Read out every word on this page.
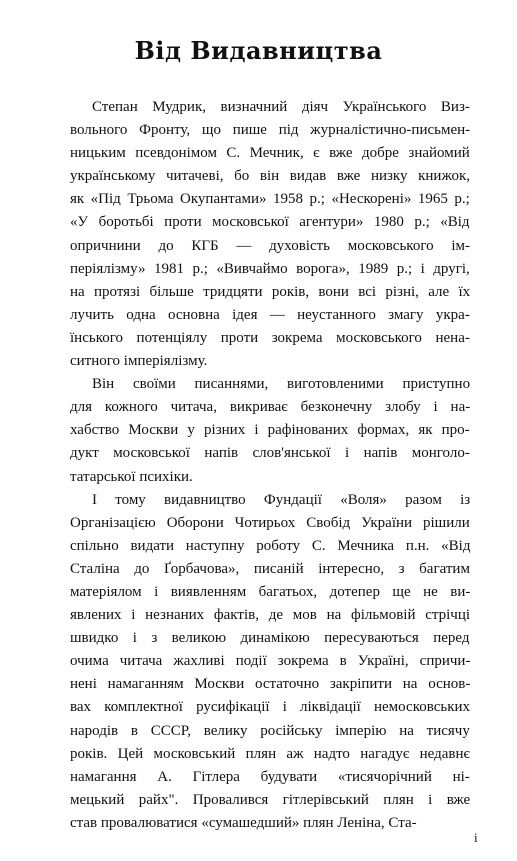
Від Видавництва
Степан Мудрик, визначний діяч Українського Виз-
вольного Фронту, що пише під журналістично-письмен-
ницьким псевдонімом С. Мечник, є вже добре знайомий
українському читачеві, бо він видав вже низку книжок,
як «Під Трьома Окупантами» 1958 р.; «Нескорені» 1965 р.;
«У боротьбі проти московської агентури» 1980 р.; «Від
опричнини до КГБ — духовість московського ім-
періялізму» 1981 р.; «Вивчаймо ворога», 1989 р.; і другі,
на протязі більше тридцяти років, вони всі різні, але їх
лучить одна основна ідея — неустанного змагу укра-
їнського потенціялу проти зокрема московського нена-
ситного імперіялізму.
Він своїми писаннями, виготовленими приступно
для кожного читача, викриває безконечну злобу і на-
хабство Москви у різних і рафінованих формах, як про-
дукт московської напів слов'янської і напів монголо-
татарської психіки.
І тому видавництво Фундації «Воля» разом із
Організацією Оборони Чотирьох Свобід України рішили
спільно видати наступну роботу С. Мечника п.н. «Від
Сталіна до Ґорбачова», писаній інтересно, з багатим
матеріялом і виявленням багатьох, дотепер ще не ви-
явлених і незнаних фактів, де мов на фільмовій стрічці
швидко і з великою динамікою пересуваються перед
очима читача жахливі події зокрема в Україні, спричи-
нені намаганням Москви остаточно закріпити на основ-
вах комплектної русифікації і ліквідації немосковських
народів в СССР, велику російську імперію на тисячу
років. Цей московський плян аж надто нагадує недавнє
намагання А. Гітлера будувати «тисячорічний ні-
мецький райх". Провалився гітлерівський плян і вже
став провалюватися «сумашедший» плян Леніна, Ста-
i
